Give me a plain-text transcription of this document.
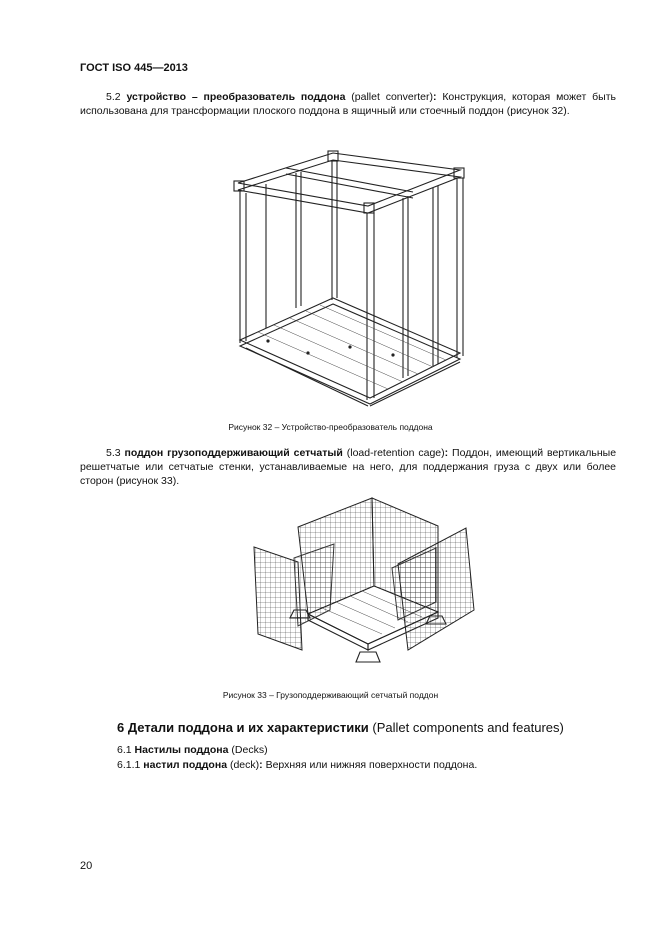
ГОСТ ISO 445—2013
5.2 устройство – преобразователь поддона (pallet converter): Конструкция, которая может быть использована для трансформации плоского поддона в ящичный или стоечный поддон (рисунок 32).
Рисунок 32 – Устройство-преобразователь поддона
5.3 поддон грузоподдерживающий сетчатый (load-retention cage): Поддон, имеющий вертикальные решетчатые или сетчатые стенки, устанавливаемые на него, для поддержания груза с двух или более сторон (рисунок 33).
Рисунок 33 – Грузоподдерживающий сетчатый поддон
6 Детали поддона и их характеристики (Pallet components and features)
6.1 Настилы поддона (Decks)
6.1.1 настил поддона (deck): Верхняя или нижняя поверхности поддона.
20
